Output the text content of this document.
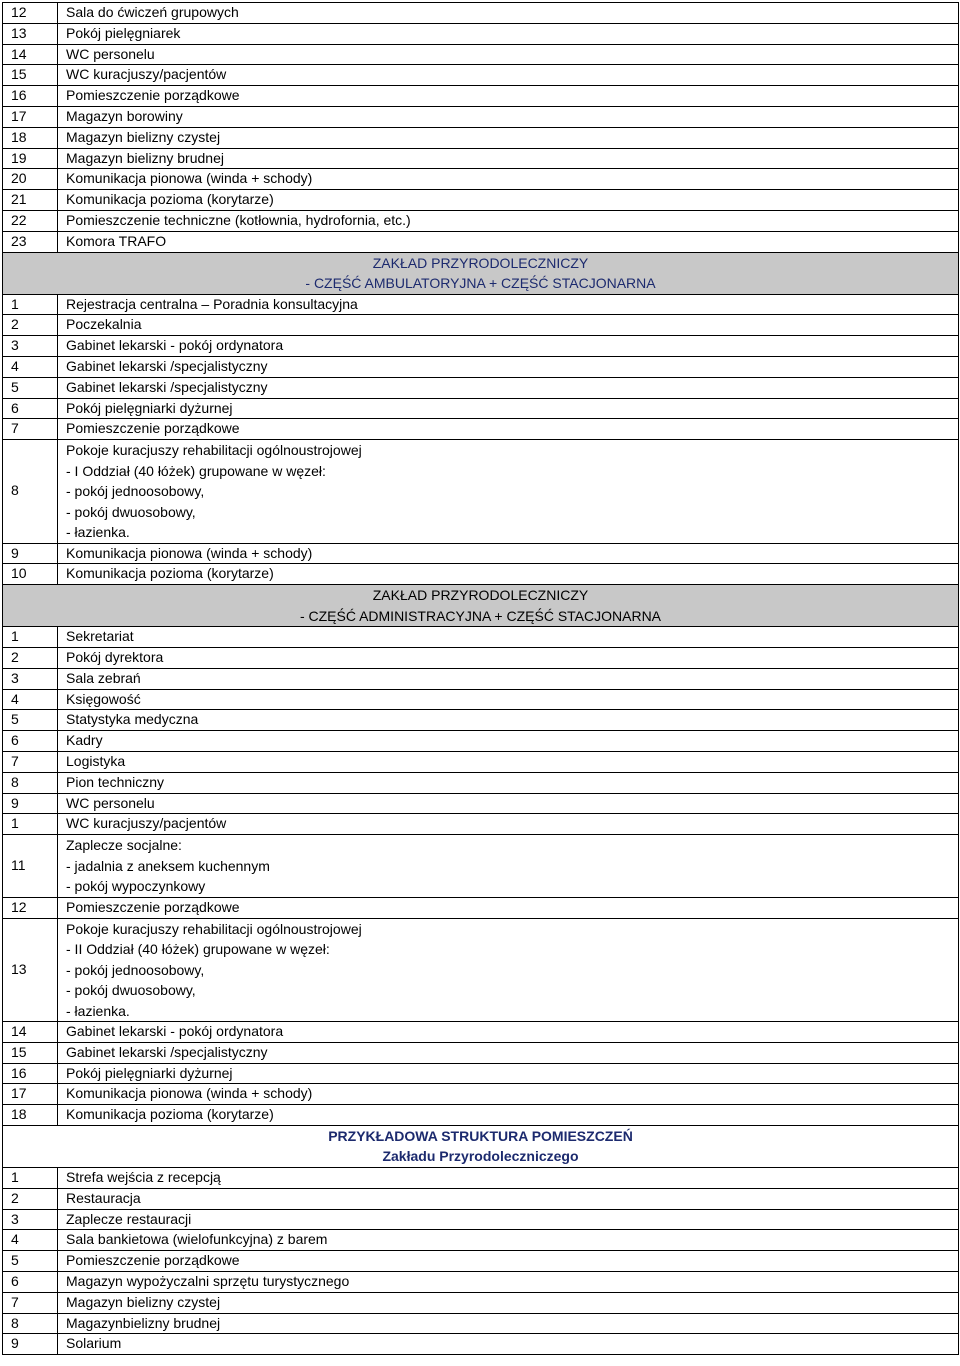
12	Sala do ćwiczeń grupowych
13	Pokój pielęgniarek
14	WC personelu
15	WC kuracjuszy/pacjentów
16	Pomieszczenie porządkowe
17	Magazyn borowiny
18	Magazyn bielizny czystej
19	Magazyn bielizny brudnej
20	Komunikacja pionowa (winda + schody)
21	Komunikacja pozioma (korytarze)
22	Pomieszczenie techniczne (kotłownia, hydrofornia, etc.)
23	Komora TRAFO

ZAKŁAD PRZYRODOLECZNICZY
- CZĘŚĆ AMBULATORYJNA + CZĘŚĆ STACJONARNA	

1	Rejestracja centralna – Poradnia konsultacyjna
2	Poczekalnia
3	Gabinet lekarski - pokój ordynatora
4	Gabinet lekarski /specjalistyczny
5	Gabinet lekarski /specjalistyczny
6	Pokój pielęgniarki dyżurnej
7	Pomieszczenie porządkowe
8	Pokoje kuracjuszy rehabilitacji ogólnoustrojowej
- I Oddział (40 łóżek) grupowane w węzeł:
- pokój jednoosobowy,
- pokój dwuosobowy,
- łazienka.

9	Komunikacja pionowa (winda + schody)
10	Komunikacja pozioma (korytarze)

ZAKŁAD PRZYRODOLECZNICZY
- CZĘŚĆ ADMINISTRACYJNA + CZĘŚĆ STACJONARNA	

1	Sekretariat
2	Pokój dyrektora
3	Sala zebrań
4	Księgowość
5	Statystyka medyczna
6	Kadry
7	Logistyka
8	Pion techniczny
9	WC personelu
1	WC kuracjuszy/pacjentów
11	Zaplecze socjalne:
- jadalnia z aneksem kuchennym
- pokój wypoczynkowy

12	Pomieszczenie porządkowe
13	Pokoje kuracjuszy rehabilitacji ogólnoustrojowej
- II Oddział (40 łóżek) grupowane w węzeł:
- pokój jednoosobowy,
- pokój dwuosobowy,
- łazienka.

14	Gabinet lekarski - pokój ordynatora
15	Gabinet lekarski /specjalistyczny
16	Pokój pielęgniarki dyżurnej
17	Komunikacja pionowa (winda + schody)
18	Komunikacja pozioma (korytarze)

PRZYKŁADOWA STRUKTURA POMIESZCZEŃ
Zakładu Przyrodoleczniczego	

1	Strefa wejścia z recepcją
2	Restauracja
3	Zaplecze restauracji
4	Sala bankietowa (wielofunkcyjna) z barem
5	Pomieszczenie porządkowe
6	Magazyn wypożyczalni sprzętu turystycznego
7	Magazyn bielizny czystej
8	Magazynbielizny brudnej
9	Solarium
